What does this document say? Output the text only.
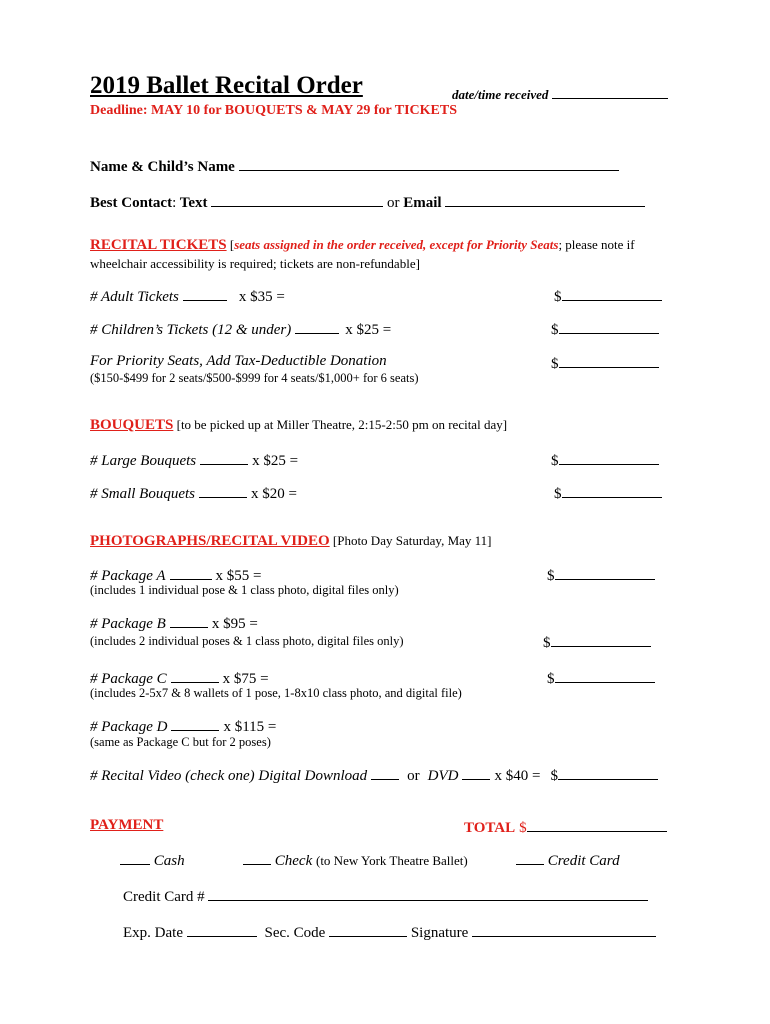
2019 Ballet Recital Order	date/time received
Deadline: MAY 10 for BOUQUETS & MAY 29 for TICKETS
Name & Child’s Name
Best Contact: Text	or Email
RECITAL TICKETS [seats assigned in the order received, except for Priority Seats; please note if
wheelchair accessibility is required; tickets are non-refundable]
# Adult Tickets	x $35 =	$
# Children’s Tickets (12 & under)	x $25 =	$
For Priority Seats, Add Tax-Deductible Donation	$
($150-$499 for 2 seats/$500-$999 for 4 seats/$1,000+ for 6 seats)
BOUQUETS [to be picked up at Miller Theatre, 2:15-2:50 pm on recital day]
# Large Bouquets	x $25 =	$
# Small Bouquets	x $20 =	$
PHOTOGRAPHS/RECITAL VIDEO [Photo Day Saturday, May 11]
# Package A	x $55 =	$
(includes 1 individual pose & 1 class photo, digital files only)
# Package B	x $95 =
(includes 2 individual poses & 1 class photo, digital files only)	$
# Package C	x $75 =	$
(includes 2-5x7 & 8 wallets of 1 pose, 1-8x10 class photo, and digital file)
# Package D	x $115 =
(same as Package C but for 2 poses)
# Recital Video (check one) Digital Download	or DVD x $40 = $
PAYMENT	TOTAL $
Cash	Check (to New York Theatre Ballet)	Credit Card
Credit Card #
Exp. Date	Sec. Code	Signature
